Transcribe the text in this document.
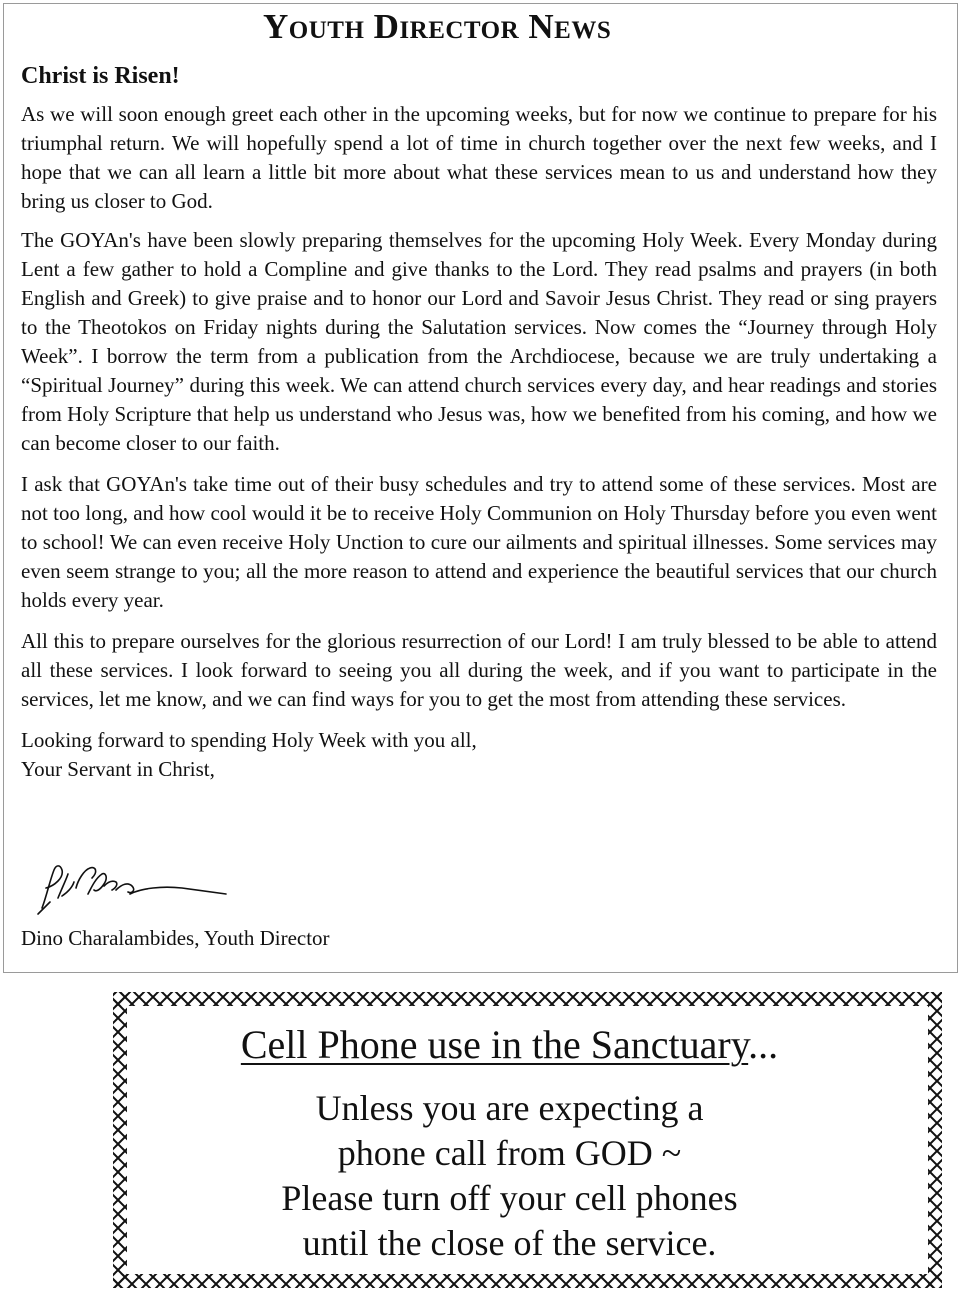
Youth Director News
Christ is Risen!

As we will soon enough greet each other in the upcoming weeks, but for now we continue to prepare for his triumphal return. We will hopefully spend a lot of time in church together over the next few weeks, and I hope that we can all learn a little bit more about what these services mean to us and understand how they bring us closer to God.

The GOYAn's have been slowly preparing themselves for the upcoming Holy Week. Every Monday during Lent a few gather to hold a Compline and give thanks to the Lord. They read psalms and prayers (in both English and Greek) to give praise and to honor our Lord and Savoir Jesus Christ. They read or sing prayers to the Theotokos on Friday nights during the Salutation services. Now comes the “Journey through Holy Week”. I borrow the term from a publication from the Archdiocese, because we are truly undertaking a “Spiritual Journey” during this week. We can attend church services every day, and hear readings and stories from Holy Scripture that help us understand who Jesus was, how we benefited from his coming, and how we can become closer to our faith.

I ask that GOYAn's take time out of their busy schedules and try to attend some of these services. Most are not too long, and how cool would it be to receive Holy Communion on Holy Thursday before you even went to school! We can even receive Holy Unction to cure our ailments and spiritual illnesses. Some services may even seem strange to you; all the more reason to attend and experience the beautiful services that our church holds every year.

All this to prepare ourselves for the glorious resurrection of our Lord! I am truly blessed to be able to attend all these services. I look forward to seeing you all during the week, and if you want to participate in the services, let me know, and we can find ways for you to get the most from attending these services.

Looking forward to spending Holy Week with you all,
Your Servant in Christ,
Dino Charalambides, Youth Director
Cell Phone use in the Sanctuary...
Unless you are expecting a
phone call from GOD ~
Please turn off your cell phones
until the close of the service.
